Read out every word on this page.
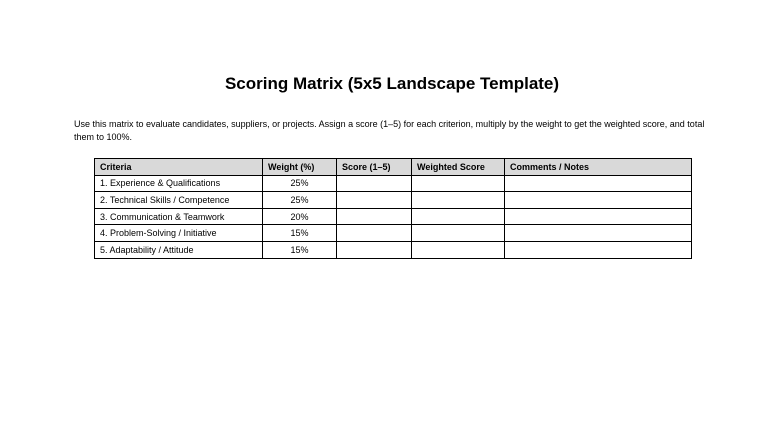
Scoring Matrix (5x5 Landscape Template)
Use this matrix to evaluate candidates, suppliers, or projects. Assign a score (1–5) for each criterion, multiply by the weight to get the weighted score, and total them to 100%.
Criteria	Weight (%)	Score (1–5)	Weighted Score	Comments / Notes
1. Experience & Qualifications	25%			
2. Technical Skills / Competence	25%			
3. Communication & Teamwork	20%			
4. Problem-Solving / Initiative	15%			
5. Adaptability / Attitude	15%			
